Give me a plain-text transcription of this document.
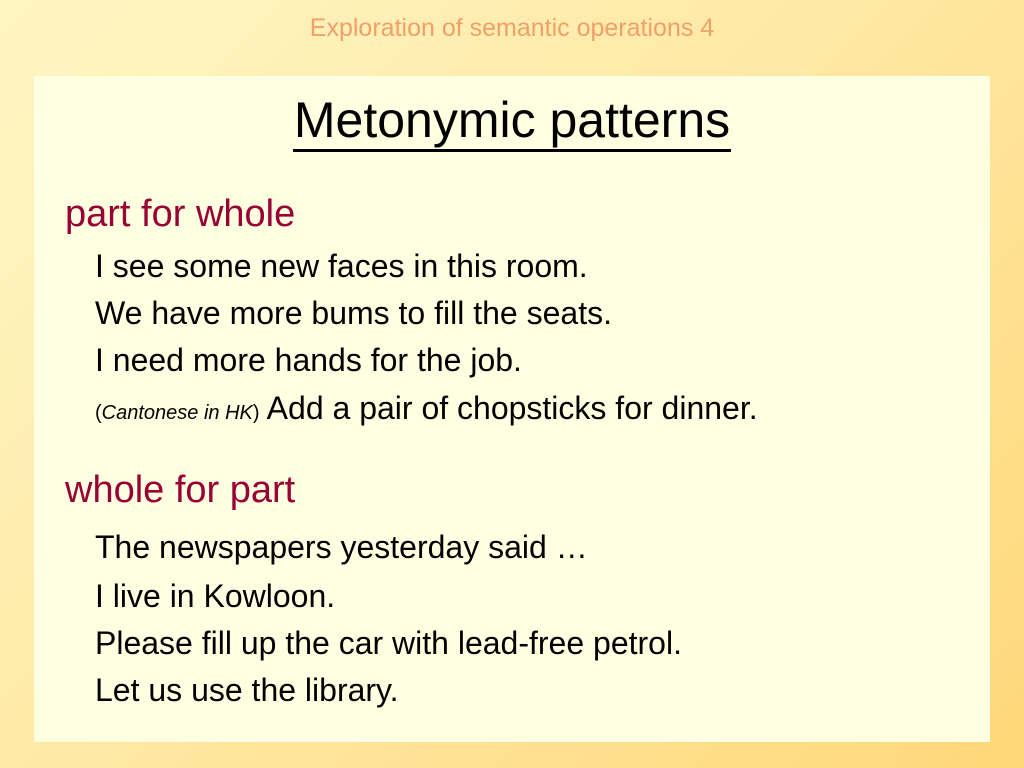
Exploration of semantic operations 4
Metonymic patterns
part for whole
I see some new faces in this room.
We have more bums to fill the seats.
I need more hands for the job.
(Cantonese in HK) Add a pair of chopsticks for dinner.
whole for part
The newspapers yesterday said …
I live in Kowloon.
Please fill up the car with lead-free petrol.
Let us use the library.
